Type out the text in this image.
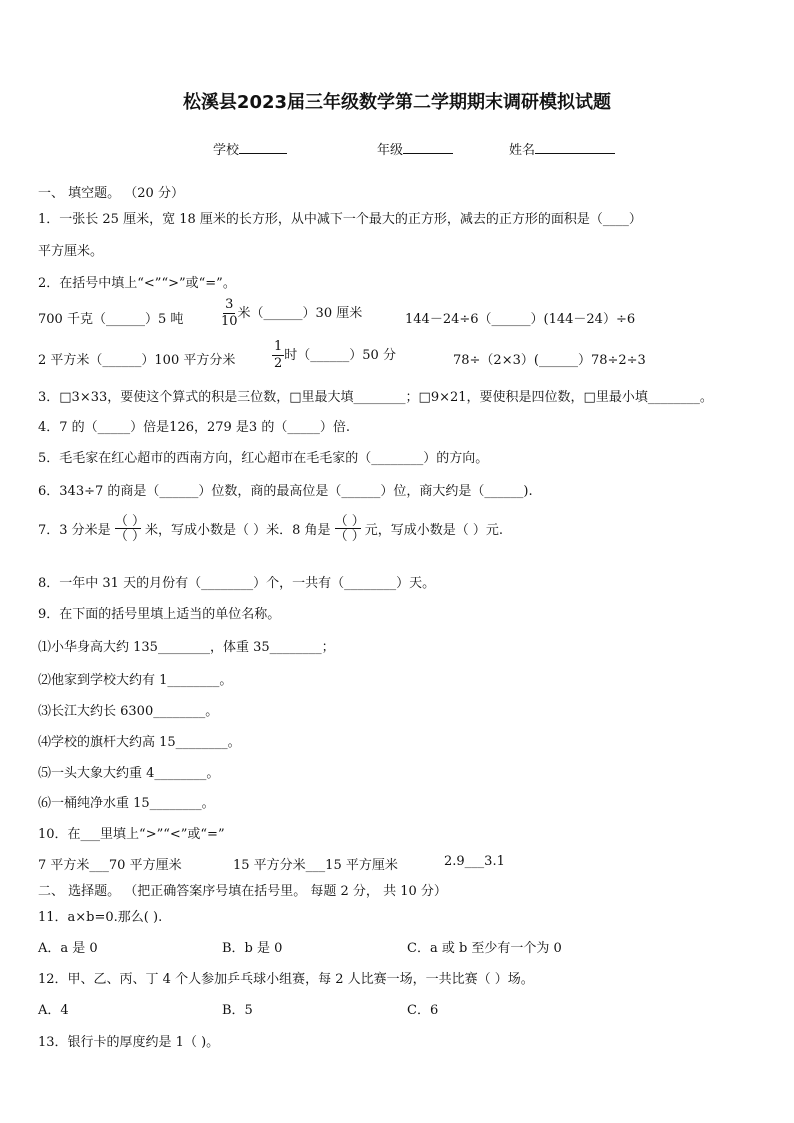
松溪县2023届三年级数学第二学期期末调研模拟试题
学校	年级	姓名
一、 填空题。 （20 分）
1．一张长 25 厘米，宽 18 厘米的长方形，从中减下一个最大的正方形，减去的正方形的面积是（____）
平方厘米。
2．在括号中填上“<”“>”或“=”。
700 千克（______）5 吨	$\frac{3}{10}$ 米（______）30 厘米	144－24÷6（______）(144－24）÷6
2 平方米（______）100 平方分米	$\frac{1}{2}$ 时（______）50 分	78÷（2×3）(______）78÷2÷3
3．□3×33，要使这个算式的积是三位数，□里最大填________；□9×21，要使积是四位数，□里最小填________。
4．7 的（_____）倍是126，279 是3 的（_____）倍.
5．毛毛家在红心超市的西南方向，红心超市在毛毛家的（________）的方向。
6．343÷7 的商是（______）位数，商的最高位是（______）位，商大约是（______).
7．3 分米是 $\frac{( )}{( )}$ 米，写成小数是（ ）米．8 角是 $\frac{( )}{( )}$ 元，写成小数是（ ）元.
8．一年中 31 天的月份有（________）个，一共有（________）天。
9．在下面的括号里填上适当的单位名称。
⑴小华身高大约 135________，体重 35________；
⑵他家到学校大约有 1________。
⑶长江大约长 6300________。
⑷学校的旗杆大约高 15________。
⑸一头大象大约重 4________。
⑹一桶纯净水重 15________。
10．在___里填上“>”“<”或“=”
7 平方米___70 平方厘米	15 平方分米___15 平方厘米	2.9___3.1
二、 选择题。 （把正确答案序号填在括号里。 每题 2 分， 共 10 分）
11．a×b=0.那么( ).
A．a 是 0	B．b 是 0	C．a 或 b 至少有一个为 0
12．甲、乙、丙、丁 4 个人参加乒乓球小组赛，每 2 人比赛一场，一共比赛（ ）场。
A．4	B．5	C．6
13．银行卡的厚度约是 1（ )。
